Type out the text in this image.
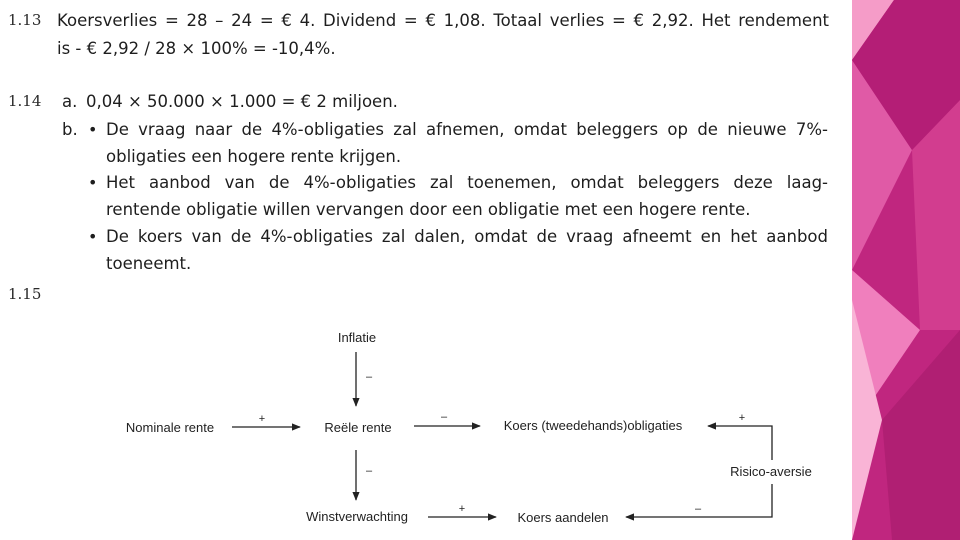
1.13 Koersverlies = 28 – 24 = € 4. Dividend = € 1,08. Totaal verlies = € 2,92. Het rendement
is - € 2,92 / 28 × 100% = -10,4%.
1.14 a. 0,04 × 50.000 × 1.000 = € 2 miljoen.
b. • De vraag naar de 4%-obligaties zal afnemen, omdat beleggers op de nieuwe 7%-
obligaties een hogere rente krijgen.
• Het aanbod van de 4%-obligaties zal toenemen, omdat beleggers deze laag-
rentende obligatie willen vervangen door een obligatie met een hogere rente.
• De koers van de 4%-obligaties zal dalen, omdat de vraag afneemt en het aanbod
toeneemt.
1.15
Inflatie
Nominale rente	Reële rente	Koers (tweedehands)obligaties
Risico-aversie
Winstverwachting	Koers aandelen
–
+	–
–
+
+
–
